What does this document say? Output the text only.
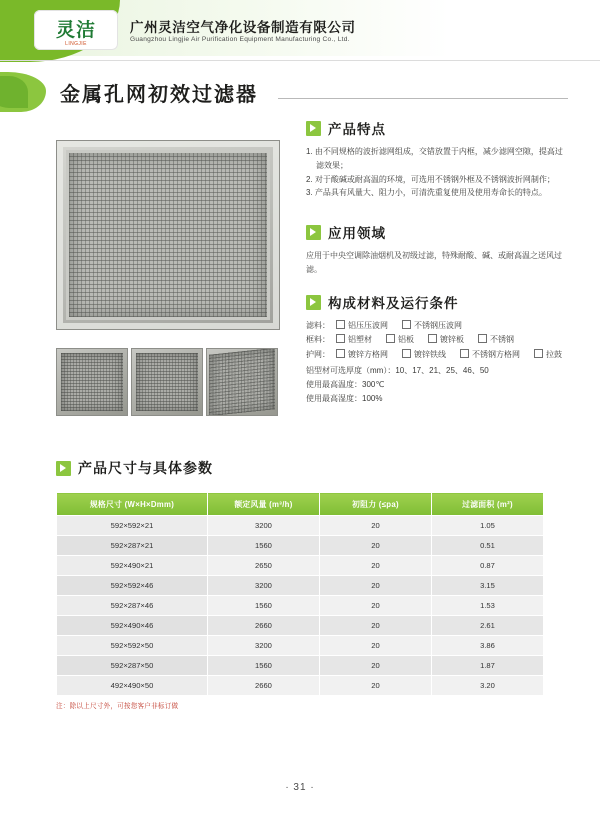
灵洁
LINGJIE
广州灵洁空气净化设备制造有限公司
Guangzhou Lingjie Air Purification Equipment Manufacturing Co., Ltd.
金属孔网初效过滤器
产品特点

1. 由不同规格的波折滤网组成，交错放置于内框，减少滤网空隙，提高过滤效果；

2. 对于酸碱或耐高温的环境，可选用不锈钢外框及不锈钢波折网制作；

3. 产品具有风量大、阻力小，可清洗重复使用及使用寿命长的特点。

应用领域
应用于中央空调除油烟机及初级过滤，特殊耐酸、碱、或耐高温之送风过滤。
构成材料及运行条件
滤料：	铝压压波网	不锈钢压波网
框料：	铝塑材	铝板	镀锌板	不锈钢
护网：	镀锌方格网	镀锌铁线	不锈钢方格网	拉鼓

铝型材可选厚度（mm）：10、17、21、25、46、50

使用最高温度：300℃

使用最高湿度：100%

产品尺寸与具体参数
规格尺寸 (W×H×Dmm)	额定风量 (m³/h)	初阻力 (≤pa)	过滤面积 (m²)
592×592×21	3200	20	1.05
592×287×21	1560	20	0.51
592×490×21	2650	20	0.87
592×592×46	3200	20	3.15
592×287×46	1560	20	1.53
592×490×46	2660	20	2.61
592×592×50	3200	20	3.86
592×287×50	1560	20	1.87
492×490×50	2660	20	3.20
注：除以上尺寸外，可按您客户非标订做
· 31 ·
